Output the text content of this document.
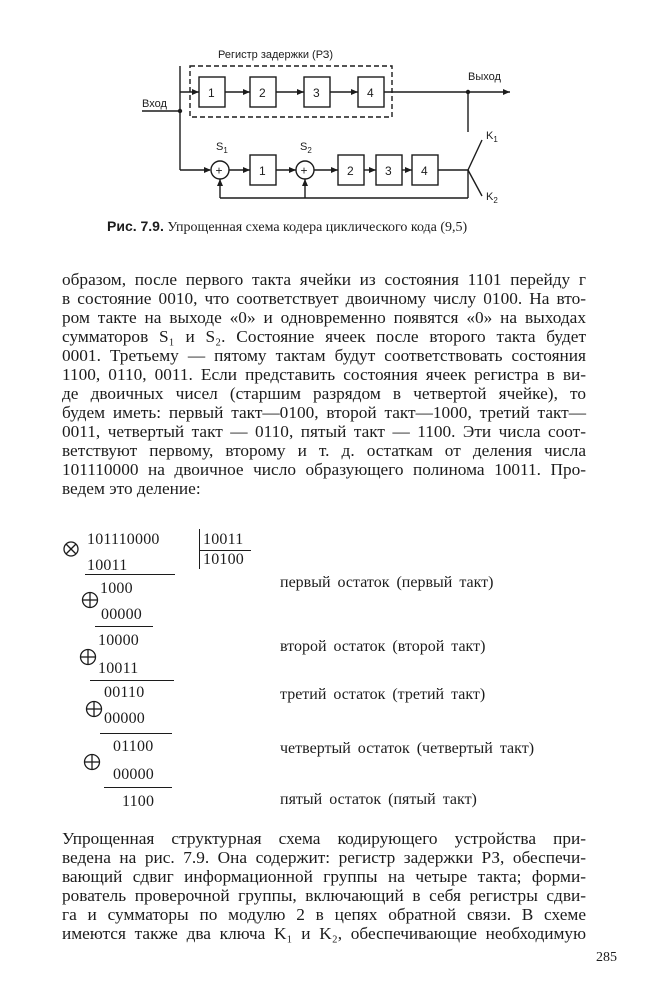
Регистр задержки (РЗ)
Выход
Вход
1	2	3	4
1	2	3 4
+	+
$S_1$	$S_2$
$K_1$
$K_2$
Рис. 7.9. Упрощенная схема кодера циклического кода (9,5)
образом, после первого такта ячейки из состояния 1101 перейду г
в состояние 0010, что соответствует двоичному числу 0100. На вто-
ром такте на выходе «0» и одновременно появятся «0» на выходах
сумматоров S₁ и S₂. Состояние ячеек после второго такта будет
0001. Третьему — пятому тактам будут соответствовать состояния
1100, 0110, 0011. Если представить состояния ячеек регистра в ви-
де двоичных чисел (старшим разрядом в четвертой ячейке), то
будем иметь: первый такт—0100, второй такт—1000, третий такт—
0011, четвертый такт — 0110, пятый такт — 1100. Эти числа соот-
ветствуют первому, второму и т. д. остаткам от деления числа
101110000 на двоичное число образующего полинома 10011. Про-
ведем это деление:
101110000	10011
10100
10011
1000	первый остаток (первый такт)
00000
10000	второй остаток (второй такт)
10011
00110	третий остаток (третий такт)
00000
01100	четвертый остаток (четвертый такт)
00000
1100	пятый остаток (пятый такт)
Упрощенная структурная схема кодирующего устройства при-
ведена на рис. 7.9. Она содержит: регистр задержки РЗ, обеспечи-
вающий сдвиг информационной группы на четыре такта; форми-
рователь проверочной группы, включающий в себя регистры сдви-
га и сумматоры по модулю 2 в цепях обратной связи. В схеме
имеются также два ключа K₁ и K₂, обеспечивающие необходимую
285
